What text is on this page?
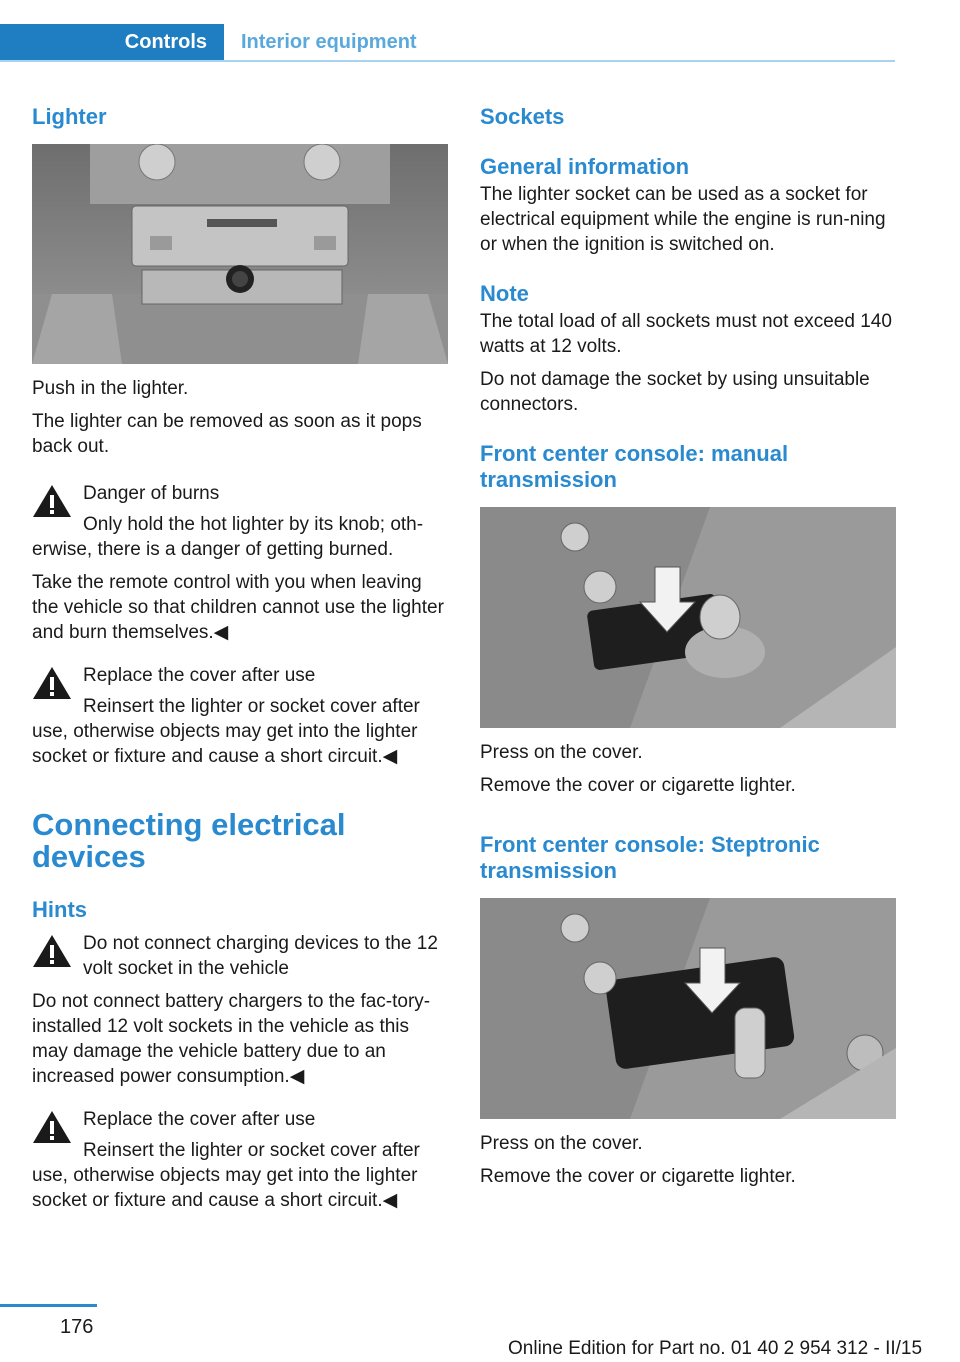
Controls	Interior equipment
Lighter

Push in the lighter.

The lighter can be removed as soon as it pops back out.

Danger of burns

Only hold the hot lighter by its knob; oth-

erwise, there is a danger of getting burned.

Take the remote control with you when leaving the vehicle so that children cannot use the lighter and burn themselves.◀

Replace the cover after use

Reinsert the lighter or socket cover after

use, otherwise objects may get into the lighter socket or fixture and cause a short circuit.◀

Connecting electrical devices
Hints

Do not connect charging devices to the 12 volt socket in the vehicle

Do not connect battery chargers to the fac-tory-installed 12 volt sockets in the vehicle as this may damage the vehicle battery due to an increased power consumption.◀

Replace the cover after use

Reinsert the lighter or socket cover after

use, otherwise objects may get into the lighter socket or fixture and cause a short circuit.◀

Sockets
General information

The lighter socket can be used as a socket for electrical equipment while the engine is run-ning or when the ignition is switched on.

Note

The total load of all sockets must not exceed 140 watts at 12 volts.

Do not damage the socket by using unsuitable connectors.

Front center console: manual transmission

Press on the cover.

Remove the cover or cigarette lighter.

Front center console: Steptronic transmission

Press on the cover.

Remove the cover or cigarette lighter.

176
Online Edition for Part no. 01 40 2 954 312 - II/15
